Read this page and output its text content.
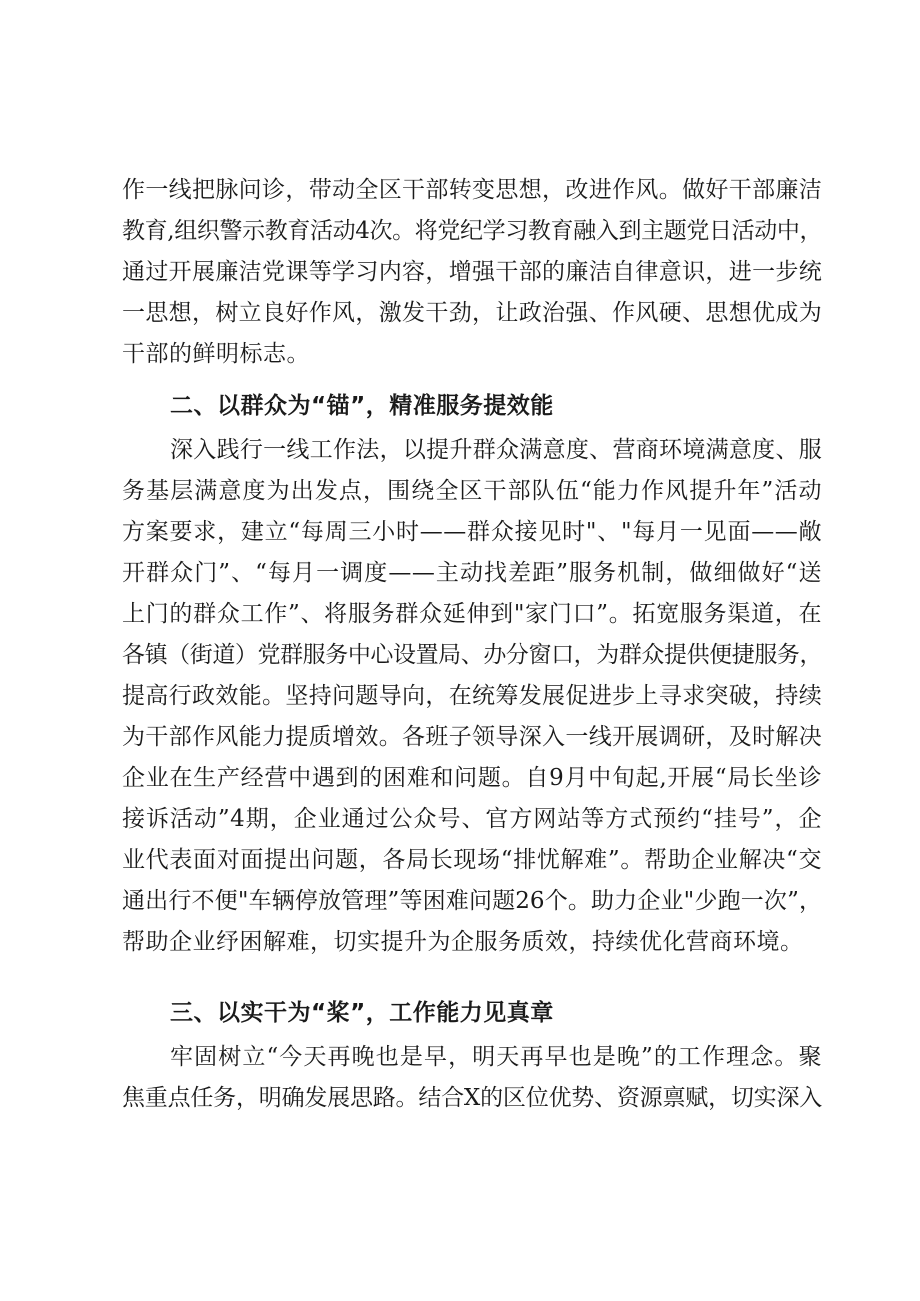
作一线把脉问诊，带动全区干部转变思想，改进作风。做好干部廉洁
教育,组织警示教育活动4次。将党纪学习教育融入到主题党日活动中，
通过开展廉洁党课等学习内容，增强干部的廉洁自律意识，进一步统
一思想，树立良好作风，激发干劲，让政治强、作风硬、思想优成为
干部的鲜明标志。
二、以群众为“锚”，精准服务提效能
深入践行一线工作法，以提升群众满意度、营商环境满意度、服
务基层满意度为出发点，围绕全区干部队伍“能力作风提升年”活动
方案要求，建立“每周三小时——群众接见时"、"每月一见面——敞
开群众门”、“每月一调度——主动找差距”服务机制，做细做好“送
上门的群众工作”、将服务群众延伸到"家门口”。拓宽服务渠道，在
各镇（街道）党群服务中心设置局、办分窗口，为群众提供便捷服务，
提高行政效能。坚持问题导向，在统筹发展促进步上寻求突破，持续
为干部作风能力提质增效。各班子领导深入一线开展调研，及时解决
企业在生产经营中遇到的困难和问题。自9月中旬起,开展“局长坐诊
接诉活动”4期，企业通过公众号、官方网站等方式预约“挂号”，企
业代表面对面提出问题，各局长现场“排忧解难”。帮助企业解决“交
通出行不便"车辆停放管理”等困难问题26个。助力企业"少跑一次”，
帮助企业纾困解难，切实提升为企服务质效，持续优化营商环境。
三、以实干为“桨”，工作能力见真章
牢固树立“今天再晚也是早，明天再早也是晚”的工作理念。聚
焦重点任务，明确发展思路。结合X的区位优势、资源禀赋，切实深入
